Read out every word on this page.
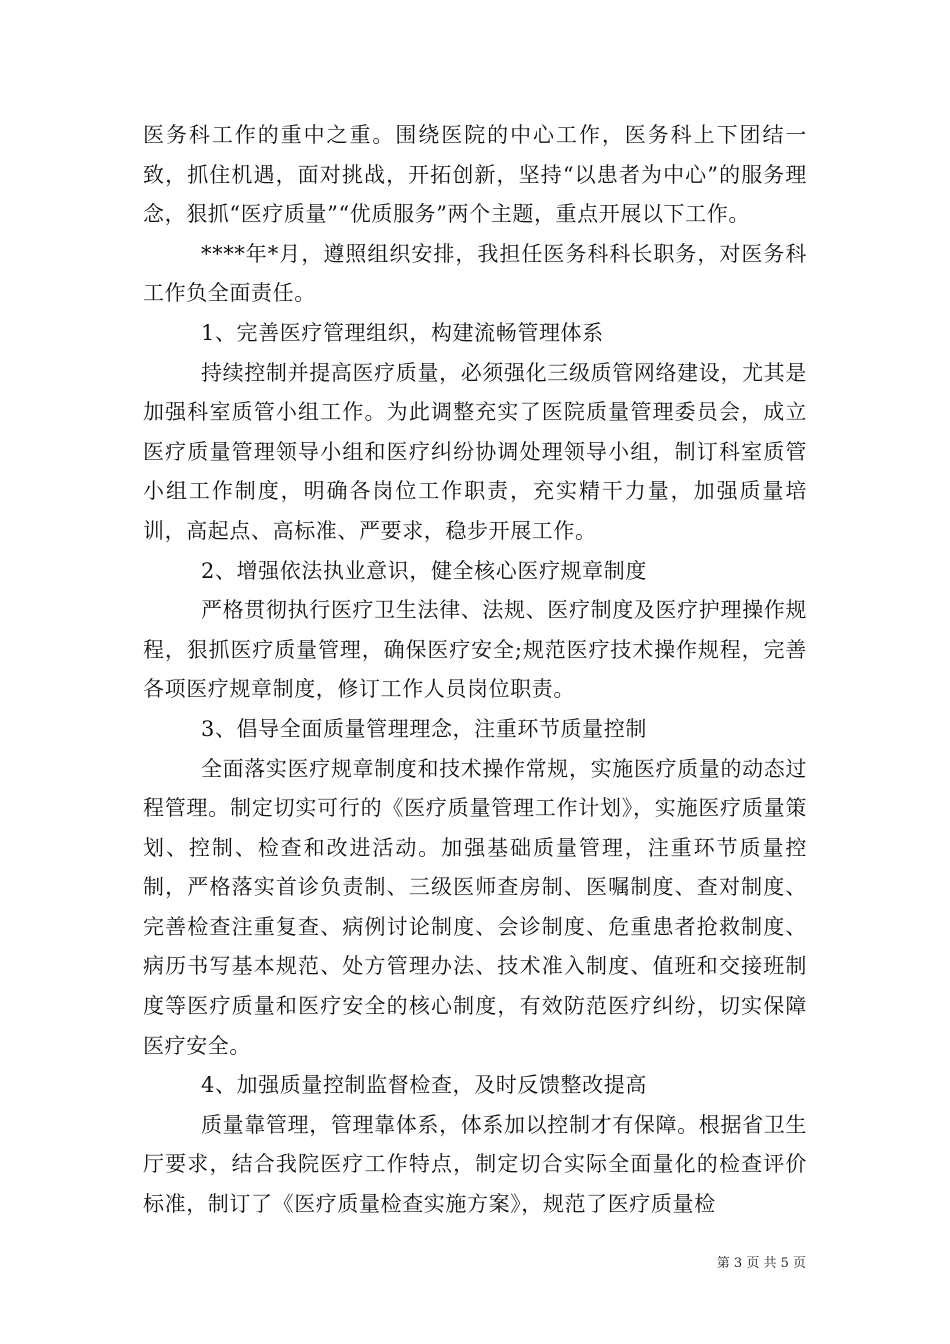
医务科工作的重中之重。围绕医院的中心工作，医务科上下团结一致，抓住机遇，面对挑战，开拓创新，坚持“以患者为中心”的服务理念，狠抓“医疗质量”“优质服务”两个主题，重点开展以下工作。

****年*月，遵照组织安排，我担任医务科科长职务，对医务科工作负全面责任。

1、完善医疗管理组织，构建流畅管理体系

持续控制并提高医疗质量，必须强化三级质管网络建设，尤其是加强科室质管小组工作。为此调整充实了医院质量管理委员会，成立医疗质量管理领导小组和医疗纠纷协调处理领导小组，制订科室质管小组工作制度，明确各岗位工作职责，充实精干力量，加强质量培训，高起点、高标准、严要求，稳步开展工作。

2、增强依法执业意识，健全核心医疗规章制度

严格贯彻执行医疗卫生法律、法规、医疗制度及医疗护理操作规程，狠抓医疗质量管理，确保医疗安全;规范医疗技术操作规程，完善各项医疗规章制度，修订工作人员岗位职责。

3、倡导全面质量管理理念，注重环节质量控制

全面落实医疗规章制度和技术操作常规，实施医疗质量的动态过程管理。制定切实可行的《医疗质量管理工作计划》，实施医疗质量策划、控制、检查和改进活动。加强基础质量管理，注重环节质量控制，严格落实首诊负责制、三级医师查房制、医嘱制度、查对制度、完善检查注重复查、病例讨论制度、会诊制度、危重患者抢救制度、病历书写基本规范、处方管理办法、技术准入制度、值班和交接班制度等医疗质量和医疗安全的核心制度，有效防范医疗纠纷，切实保障医疗安全。

4、加强质量控制监督检查，及时反馈整改提高

质量靠管理，管理靠体系，体系加以控制才有保障。根据省卫生厅要求，结合我院医疗工作特点，制定切合实际全面量化的检查评价标准，制订了《医疗质量检查实施方案》，规范了医疗质量检

第 3 页 共 5 页
